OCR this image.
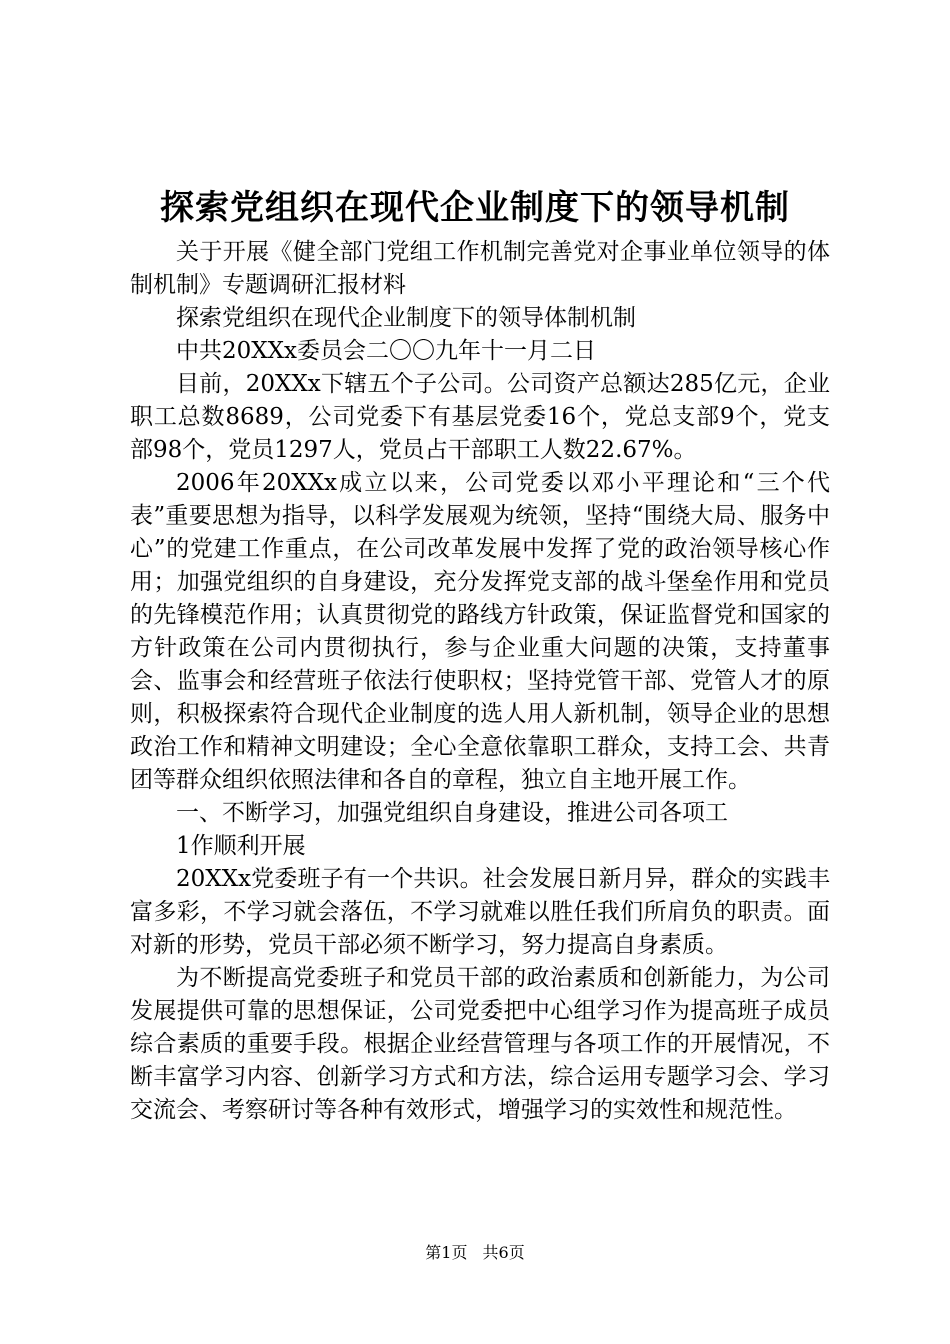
探索党组织在现代企业制度下的领导机制

关于开展《健全部门党组工作机制完善党对企事业单位领导的体制机制》专题调研汇报材料

探索党组织在现代企业制度下的领导体制机制

中共20XXx委员会二〇〇九年十一月二日

目前，20XXx下辖五个子公司。公司资产总额达285亿元，企业职工总数8689，公司党委下有基层党委16个，党总支部9个，党支部98个，党员1297人，党员占干部职工人数22.67%。

2006年20XXx成立以来，公司党委以邓小平理论和“三个代表”重要思想为指导，以科学发展观为统领，坚持“围绕大局、服务中心”的党建工作重点，在公司改革发展中发挥了党的政治领导核心作用；加强党组织的自身建设，充分发挥党支部的战斗堡垒作用和党员的先锋模范作用；认真贯彻党的路线方针政策，保证监督党和国家的方针政策在公司内贯彻执行，参与企业重大问题的决策，支持董事会、监事会和经营班子依法行使职权；坚持党管干部、党管人才的原则，积极探索符合现代企业制度的选人用人新机制，领导企业的思想政治工作和精神文明建设；全心全意依靠职工群众，支持工会、共青团等群众组织依照法律和各自的章程，独立自主地开展工作。

一、不断学习，加强党组织自身建设，推进公司各项工

1作顺利开展

20XXx党委班子有一个共识。社会发展日新月异，群众的实践丰富多彩，不学习就会落伍，不学习就难以胜任我们所肩负的职责。面对新的形势，党员干部必须不断学习，努力提高自身素质。

为不断提高党委班子和党员干部的政治素质和创新能力，为公司发展提供可靠的思想保证，公司党委把中心组学习作为提高班子成员综合素质的重要手段。根据企业经营管理与各项工作的开展情况，不断丰富学习内容、创新学习方式和方法，综合运用专题学习会、学习交流会、考察研讨等各种有效形式，增强学习的实效性和规范性。

第1页 共6页
